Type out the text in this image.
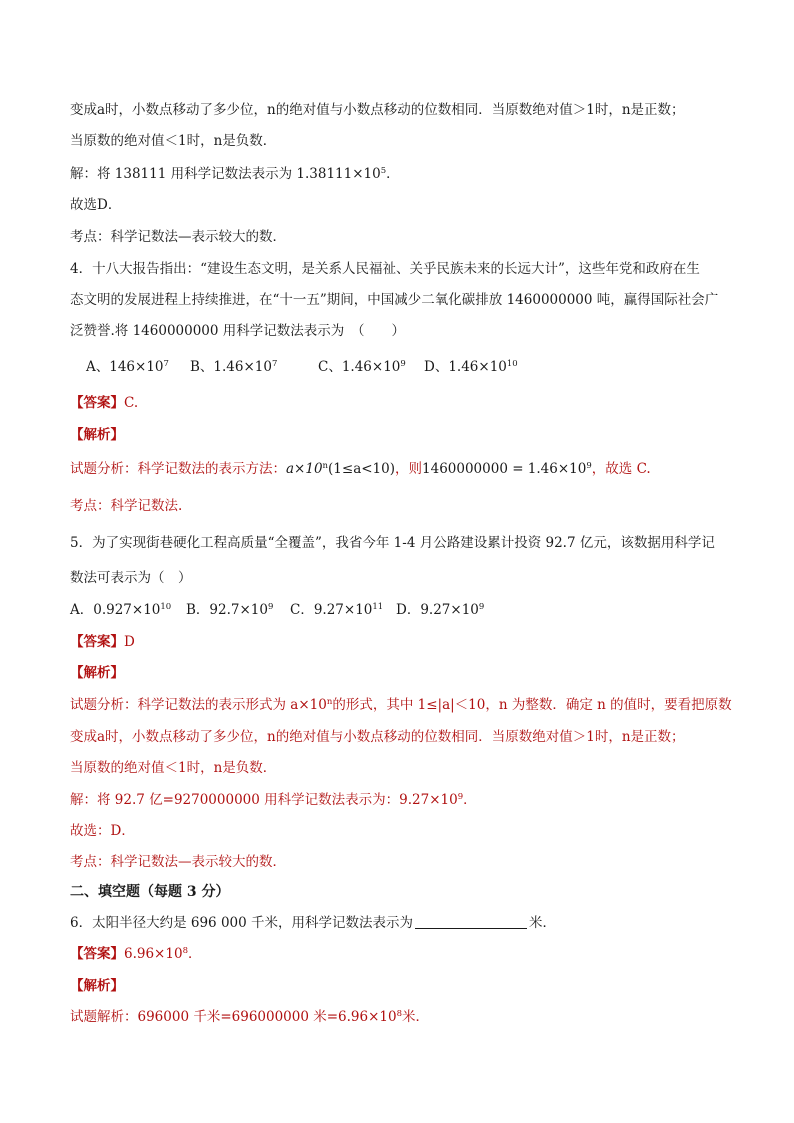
变成a时，小数点移动了多少位，n的绝对值与小数点移动的位数相同．当原数绝对值＞1时，n是正数；
当原数的绝对值＜1时，n是负数．
解：将 138111 用科学记数法表示为 $1.38111\times 10^5$．
故选D．
考点：科学记数法—表示较大的数．
4．十八大报告指出：“建设生态文明，是关系人民福祉、关乎民族未来的长远大计”，这些年党和政府在生
态文明的发展进程上持续推进，在“十一五”期间，中国减少二氧化碳排放 1460000000 吨，赢得国际社会广
泛赞誉.将 1460000000 用科学记数法表示为　（　　）
A、$146\times 10^7$ B、$1.46\times 10^7$	C、$1.46\times 10^9$ D、$1.46\times 10^{10}$
【答案】C.
【解析】
试题分析：科学记数法的表示方法：$a\times 10^n(1\le a<10)$，则$1460000000 = 1.46\times 10^9$，故选 C.
考点：科学记数法.
5．为了实现街巷硬化工程高质量“全覆盖”，我省今年 1-4 月公路建设累计投资 92.7 亿元，该数据用科学记
数法可表示为（　）
A．$0.927\times 10^{10}$ B．$92.7\times 10^9$ C．$9.27\times 10^{11}$ D．$9.27\times 10^9$
【答案】D
【解析】
试题分析：科学记数法的表示形式为 $a\times 10^n$的形式，其中 1≤|a|＜10，n 为整数．确定 n 的值时，要看把原数
变成a时，小数点移动了多少位，n的绝对值与小数点移动的位数相同．当原数绝对值＞1时，n是正数；
当原数的绝对值＜1时，n是负数．
解：将 92.7 亿=9270000000 用科学记数法表示为：$9.27\times 10^9$．
故选：D．
考点：科学记数法—表示较大的数．
二、填空题（每题 3 分）
6．太阳半径大约是 696 000 千米，用科学记数法表示为	米．
【答案】$6.96\times 10^8$．
【解析】
试题解析：696000 千米=696000000 米$=6.96\times 10^8$米．
